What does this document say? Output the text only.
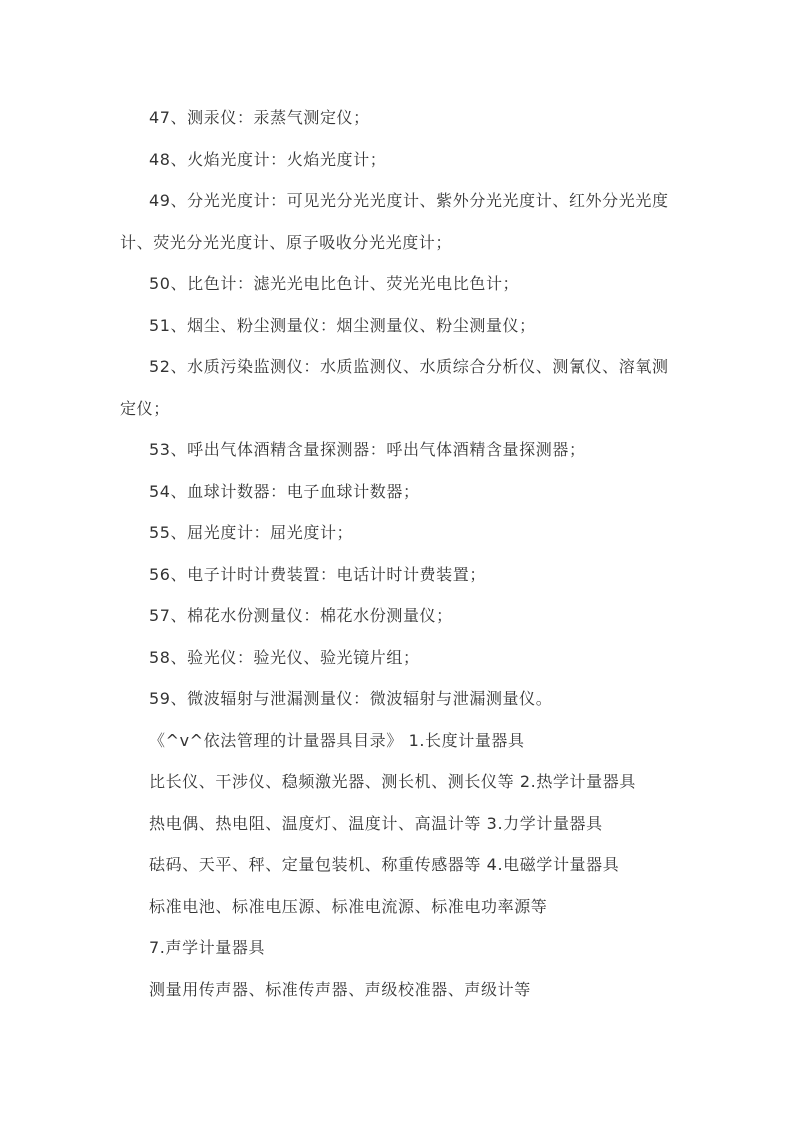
47、测汞仪：汞蒸气测定仪；

48、火焰光度计：火焰光度计；

49、分光光度计：可见光分光光度计、紫外分光光度计、红外分光光度计、荧光分光光度计、原子吸收分光光度计；

50、比色计：滤光光电比色计、荧光光电比色计；

51、烟尘、粉尘测量仪：烟尘测量仪、粉尘测量仪；

52、水质污染监测仪：水质监测仪、水质综合分析仪、测氰仪、溶氧测定仪；

53、呼出气体酒精含量探测器：呼出气体酒精含量探测器；

54、血球计数器：电子血球计数器；

55、屈光度计：屈光度计；

56、电子计时计费装置：电话计时计费装置；

57、棉花水份测量仪：棉花水份测量仪；

58、验光仪：验光仪、验光镜片组；

59、微波辐射与泄漏测量仪：微波辐射与泄漏测量仪。

《^v^依法管理的计量器具目录》 1.长度计量器具

比长仪、干涉仪、稳频激光器、测长机、测长仪等 2.热学计量器具

热电偶、热电阻、温度灯、温度计、高温计等 3.力学计量器具

砝码、天平、秤、定量包装机、称重传感器等 4.电磁学计量器具

标准电池、标准电压源、标准电流源、标准电功率源等

7.声学计量器具

测量用传声器、标准传声器、声级校准器、声级计等
